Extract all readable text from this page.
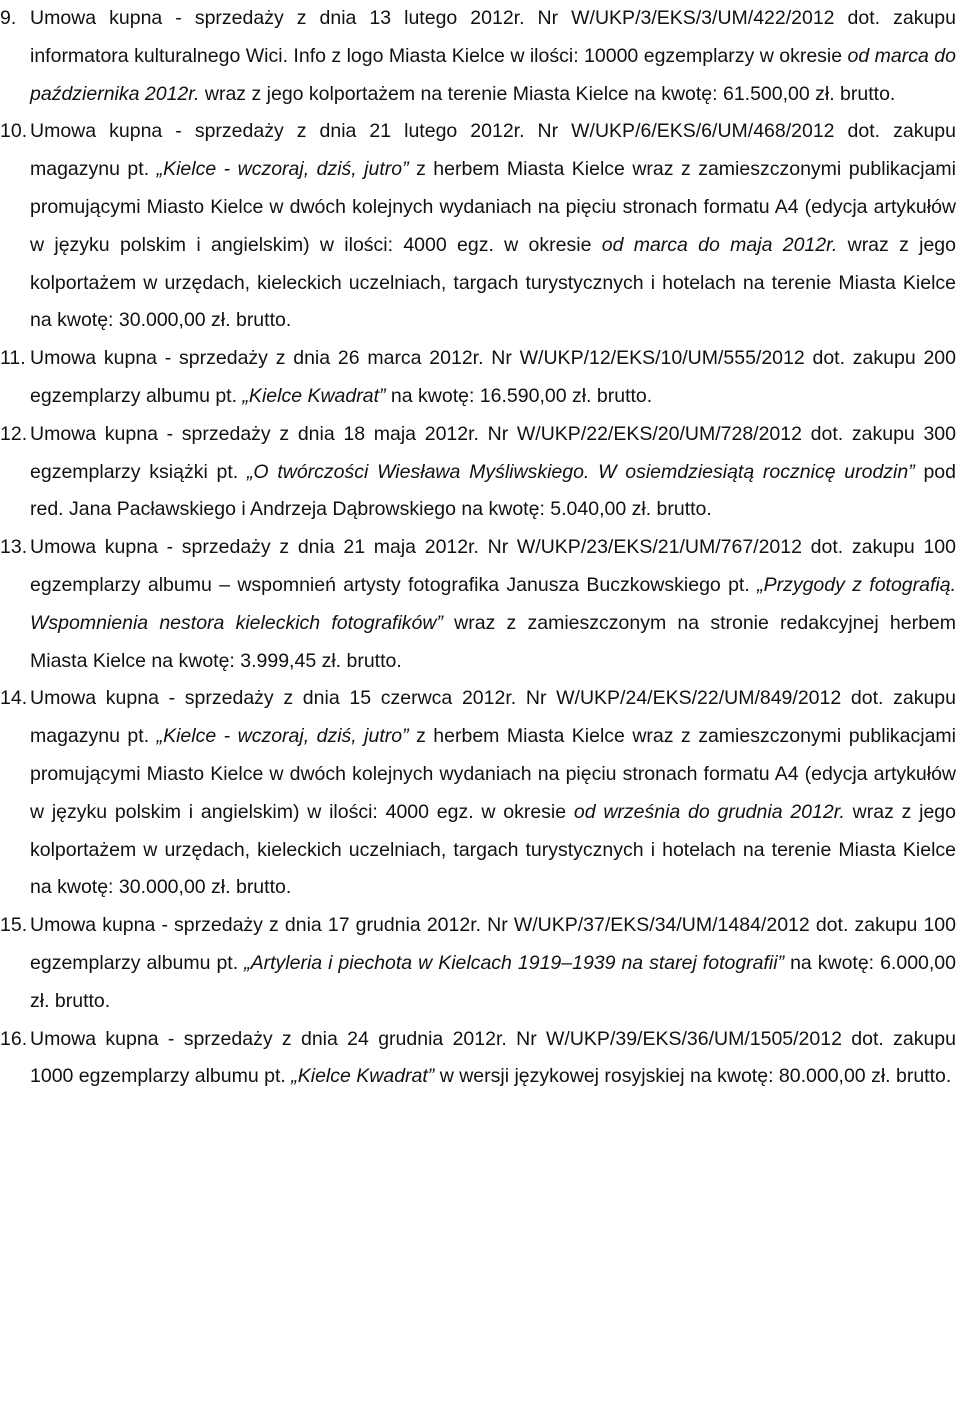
9. Umowa kupna - sprzedaży z dnia 13 lutego 2012r. Nr W/UKP/3/EKS/3/UM/422/2012 dot. zakupu informatora kulturalnego Wici. Info z logo Miasta Kielce w ilości: 10000 egzemplarzy w okresie od marca do października 2012r. wraz z jego kolportażem na terenie Miasta Kielce na kwotę: 61.500,00 zł. brutto.
10. Umowa kupna - sprzedaży z dnia 21 lutego 2012r. Nr W/UKP/6/EKS/6/UM/468/2012 dot. zakupu magazynu pt. „Kielce - wczoraj, dziś, jutro” z herbem Miasta Kielce wraz z zamieszczonymi publikacjami promującymi Miasto Kielce w dwóch kolejnych wydaniach na pięciu stronach formatu A4 (edycja artykułów w języku polskim i angielskim) w ilości: 4000 egz. w okresie od marca do maja 2012r. wraz z jego kolportażem w urzędach, kieleckich uczelniach, targach turystycznych i hotelach na terenie Miasta Kielce na kwotę: 30.000,00 zł. brutto.
11. Umowa kupna - sprzedaży z dnia 26 marca 2012r. Nr W/UKP/12/EKS/10/UM/555/2012 dot. zakupu 200 egzemplarzy albumu pt. „Kielce Kwadrat” na kwotę: 16.590,00 zł. brutto.
12. Umowa kupna - sprzedaży z dnia 18 maja 2012r. Nr W/UKP/22/EKS/20/UM/728/2012 dot. zakupu 300 egzemplarzy książki pt. „O twórczości Wiesława Myśliwskiego. W osiemdziesiątą rocznicę urodzin” pod red. Jana Pacławskiego i Andrzeja Dąbrowskiego na kwotę: 5.040,00 zł. brutto.
13. Umowa kupna - sprzedaży z dnia 21 maja 2012r. Nr W/UKP/23/EKS/21/UM/767/2012 dot. zakupu 100 egzemplarzy albumu – wspomnień artysty fotografika Janusza Buczkowskiego pt. „Przygody z fotografią. Wspomnienia nestora kieleckich fotografików” wraz z zamieszczonym na stronie redakcyjnej herbem Miasta Kielce na kwotę: 3.999,45 zł. brutto.
14. Umowa kupna - sprzedaży z dnia 15 czerwca 2012r. Nr W/UKP/24/EKS/22/UM/849/2012 dot. zakupu magazynu pt. „Kielce - wczoraj, dziś, jutro” z herbem Miasta Kielce wraz z zamieszczonymi publikacjami promującymi Miasto Kielce w dwóch kolejnych wydaniach na pięciu stronach formatu A4 (edycja artykułów w języku polskim i angielskim) w ilości: 4000 egz. w okresie od września do grudnia 2012r. wraz z jego kolportażem w urzędach, kieleckich uczelniach, targach turystycznych i hotelach na terenie Miasta Kielce na kwotę: 30.000,00 zł. brutto.
15. Umowa kupna - sprzedaży z dnia 17 grudnia 2012r. Nr W/UKP/37/EKS/34/UM/1484/2012 dot. zakupu 100 egzemplarzy albumu pt. „Artyleria i piechota w Kielcach 1919–1939 na starej fotografii” na kwotę: 6.000,00 zł. brutto.
16. Umowa kupna - sprzedaży z dnia 24 grudnia 2012r. Nr W/UKP/39/EKS/36/UM/1505/2012 dot. zakupu 1000 egzemplarzy albumu pt. „Kielce Kwadrat” w wersji językowej rosyjskiej na kwotę: 80.000,00 zł. brutto.
